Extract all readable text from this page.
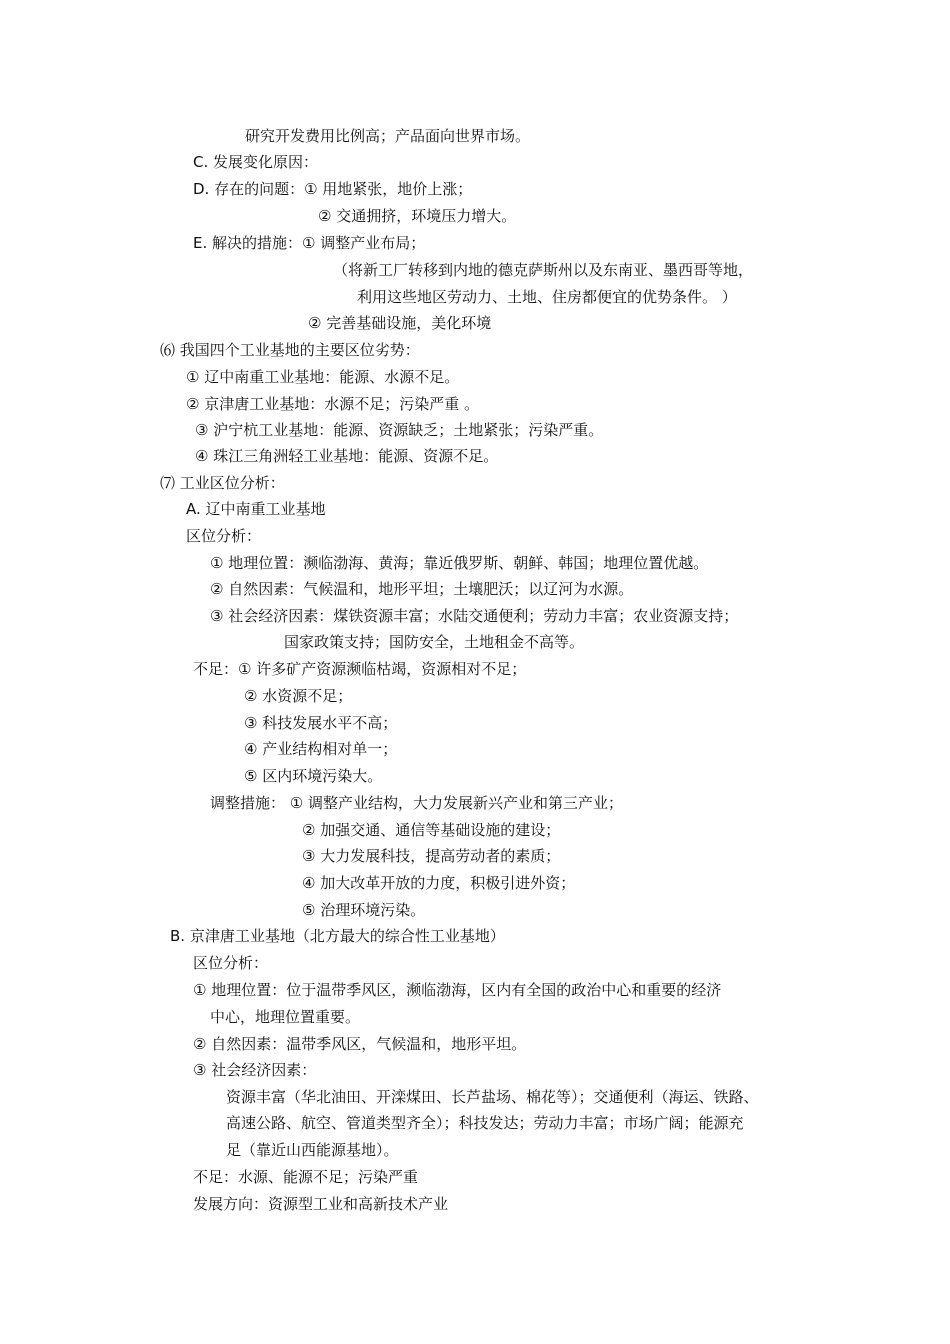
研究开发费用比例高；产品面向世界市场。
C. 发展变化原因：
D. 存在的问题：① 用地紧张，地价上涨；
② 交通拥挤，环境压力增大。
E. 解决的措施：① 调整产业布局；
（将新工厂转移到内地的德克萨斯州以及东南亚、墨西哥等地，
利用这些地区劳动力、土地、住房都便宜的优势条件。 ）
② 完善基础设施，美化环境
⑹ 我国四个工业基地的主要区位劣势：
① 辽中南重工业基地：能源、水源不足。
② 京津唐工业基地：水源不足；污染严重 。
③ 沪宁杭工业基地：能源、资源缺乏；土地紧张；污染严重。
④ 珠江三角洲轻工业基地：能源、资源不足。
⑺ 工业区位分析：
A. 辽中南重工业基地
区位分析：
① 地理位置：濒临渤海、黄海；靠近俄罗斯、朝鲜、韩国；地理位置优越。
② 自然因素：气候温和，地形平坦；土壤肥沃；以辽河为水源。
③ 社会经济因素：煤铁资源丰富；水陆交通便利；劳动力丰富；农业资源支持；
国家政策支持；国防安全，土地租金不高等。
不足：① 许多矿产资源濒临枯竭，资源相对不足；
② 水资源不足；
③ 科技发展水平不高；
④ 产业结构相对单一；
⑤ 区内环境污染大。
调整措施： ① 调整产业结构，大力发展新兴产业和第三产业；
② 加强交通、通信等基础设施的建设；
③ 大力发展科技，提高劳动者的素质；
④ 加大改革开放的力度，积极引进外资；
⑤ 治理环境污染。
B. 京津唐工业基地（北方最大的综合性工业基地）
区位分析：
① 地理位置：位于温带季风区，濒临渤海，区内有全国的政治中心和重要的经济
中心，地理位置重要。
② 自然因素：温带季风区，气候温和，地形平坦。
③ 社会经济因素：
资源丰富（华北油田、开滦煤田、长芦盐场、棉花等）；交通便利（海运、铁路、
高速公路、航空、管道类型齐全）；科技发达；劳动力丰富；市场广阔；能源充
足（靠近山西能源基地）。
不足：水源、能源不足；污染严重
发展方向：资源型工业和高新技术产业
